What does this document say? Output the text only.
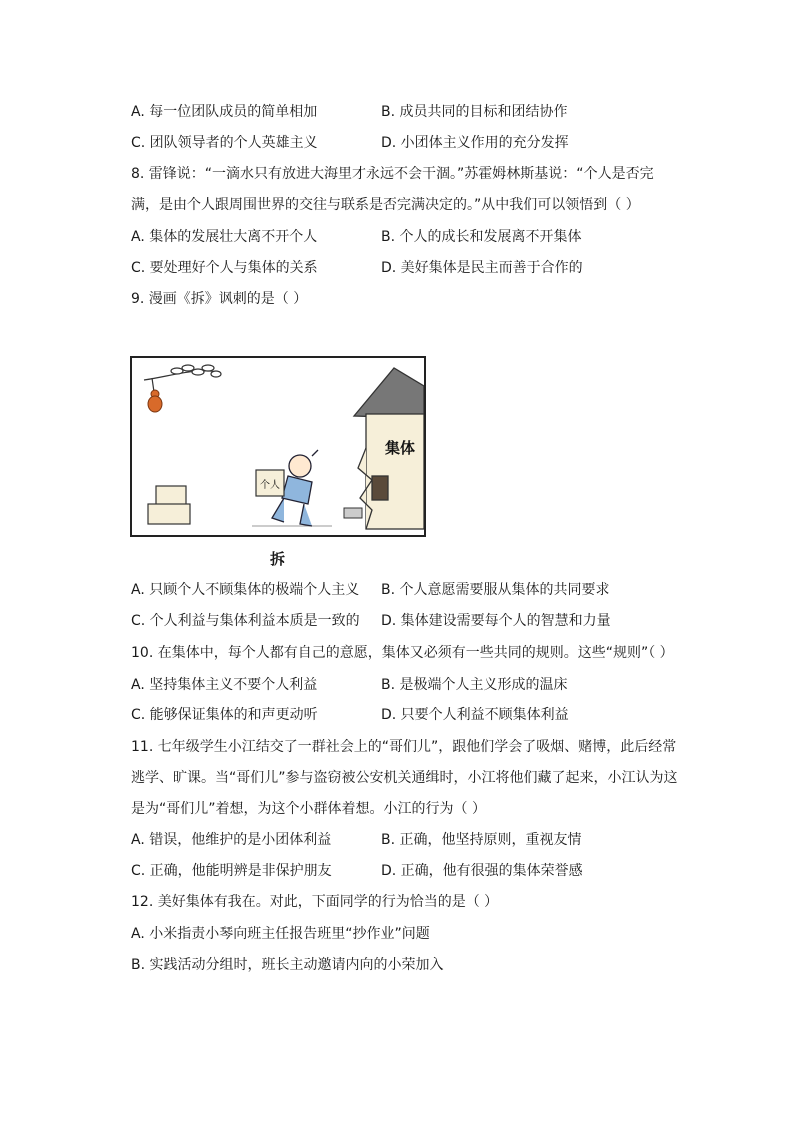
A. 每一位团队成员的简单相加	B. 成员共同的目标和团结协作
C. 团队领导者的个人英雄主义	D. 小团体主义作用的充分发挥
8. 雷锋说：“一滴水只有放进大海里才永远不会干涸。”苏霍姆林斯基说：“个人是否完
满，是由个人跟周围世界的交往与联系是否完满决定的。”从中我们可以领悟到（ ）
A. 集体的发展壮大离不开个人	B. 个人的成长和发展离不开集体
C. 要处理好个人与集体的关系	D. 美好集体是民主而善于合作的
9. 漫画《拆》讽刺的是（ ）
集体
个人
拆
A. 只顾个人不顾集体的极端个人主义 B. 个人意愿需要服从集体的共同要求
C. 个人利益与集体利益本质是一致的 D. 集体建设需要每个人的智慧和力量
10. 在集体中，每个人都有自己的意愿，集体又必须有一些共同的规则。这些“规则”（ ）
A. 坚持集体主义不要个人利益	B. 是极端个人主义形成的温床
C. 能够保证集体的和声更动听	D. 只要个人利益不顾集体利益
11. 七年级学生小江结交了一群社会上的“哥们儿”，跟他们学会了吸烟、赌博，此后经常
逃学、旷课。当“哥们儿”参与盗窃被公安机关通缉时，小江将他们藏了起来，小江认为这
是为“哥们儿”着想，为这个小群体着想。小江的行为（ ）
A. 错误，他维护的是小团体利益	B. 正确，他坚持原则，重视友情
C. 正确，他能明辨是非保护朋友	D. 正确，他有很强的集体荣誉感
12. 美好集体有我在。对此，下面同学的行为恰当的是（ ）
A. 小米指责小琴向班主任报告班里“抄作业”问题
B. 实践活动分组时，班长主动邀请内向的小荣加入
